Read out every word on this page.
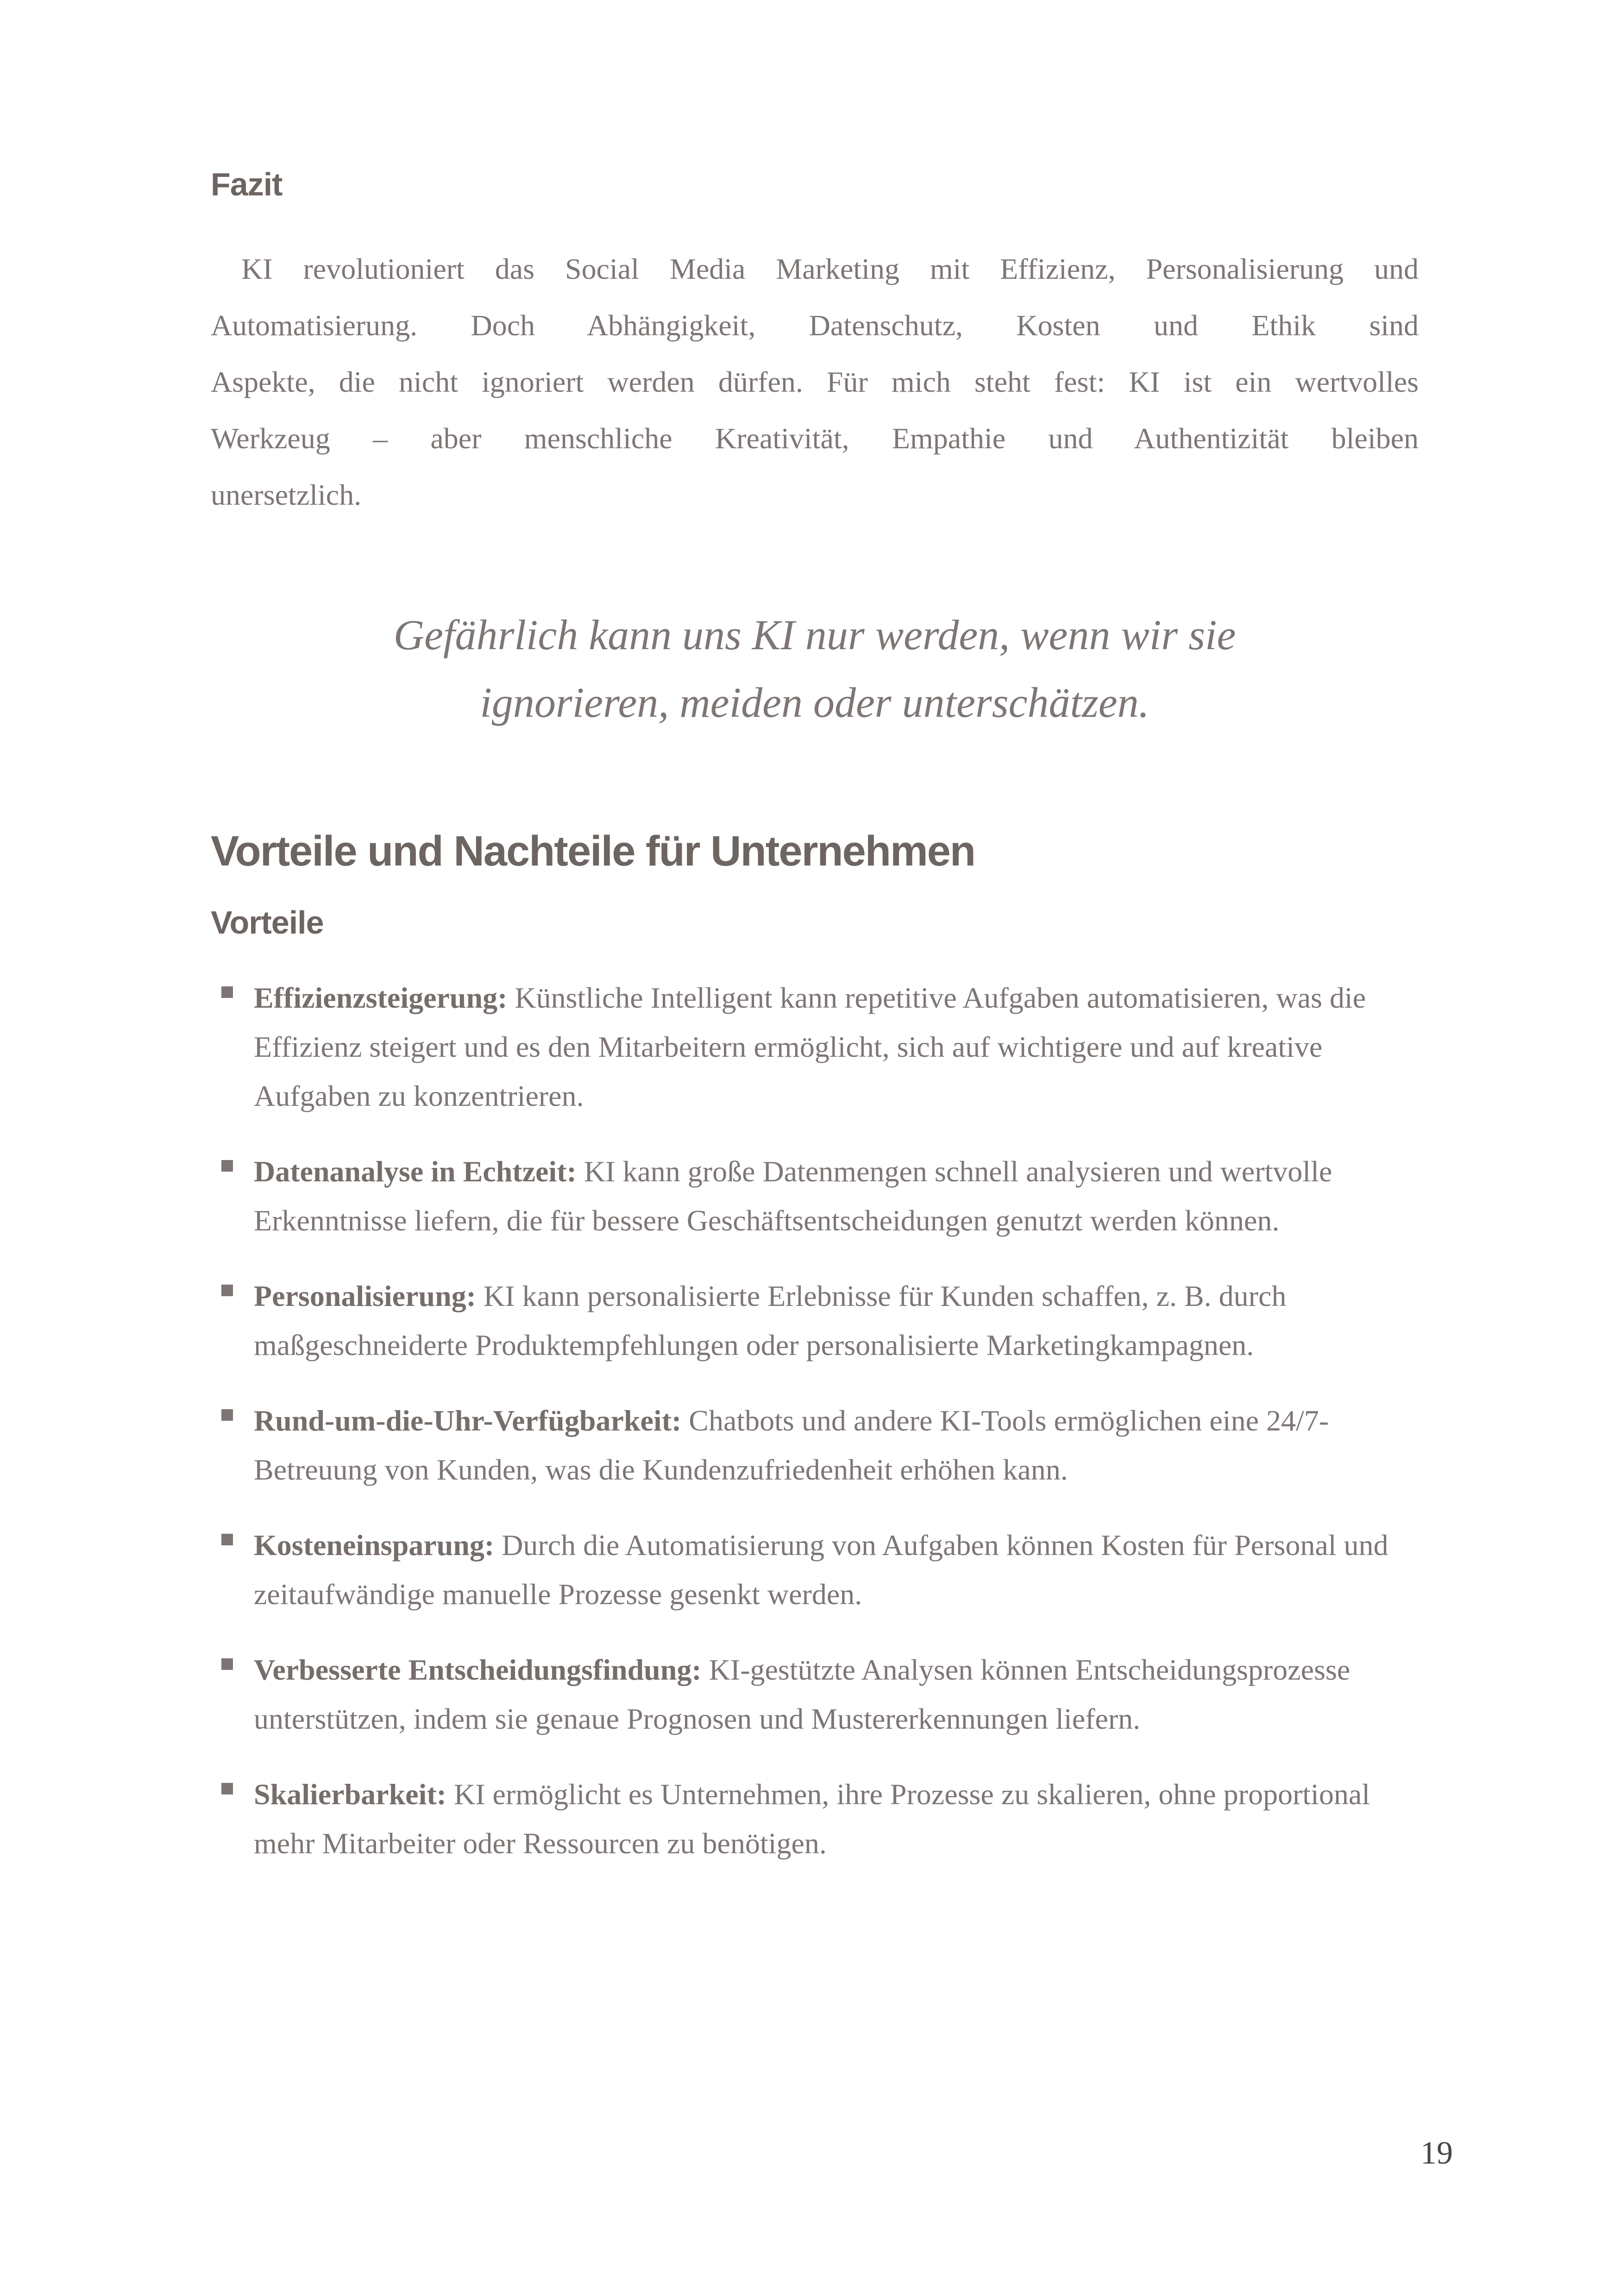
Fazit
KI revolutioniert das Social Media Marketing mit Effizienz, Personalisierung und
Automatisierung. Doch Abhängigkeit, Datenschutz, Kosten und Ethik sind
Aspekte, die nicht ignoriert werden dürfen. Für mich steht fest: KI ist ein wertvolles
Werkzeug – aber menschliche Kreativität, Empathie und Authentizität bleiben
unersetzlich.
Gefährlich kann uns KI nur werden, wenn wir sie
ignorieren, meiden oder unterschätzen.
Vorteile und Nachteile für Unternehmen
Vorteile
Effizienzsteigerung: Künstliche Intelligent kann repetitive Aufgaben automatisieren, was die Effizienz steigert und es den Mitarbeitern ermöglicht, sich auf wichtigere und auf kreative Aufgaben zu konzentrieren.
Datenanalyse in Echtzeit: KI kann große Datenmengen schnell analysieren und wertvolle Erkenntnisse liefern, die für bessere Geschäftsentscheidungen genutzt werden können.
Personalisierung: KI kann personalisierte Erlebnisse für Kunden schaffen, z. B. durch maßgeschneiderte Produktempfehlungen oder personalisierte Marketingkampagnen.
Rund-um-die-Uhr-Verfügbarkeit: Chatbots und andere KI-Tools ermöglichen eine 24/7-Betreuung von Kunden, was die Kundenzufriedenheit erhöhen kann.
Kosteneinsparung: Durch die Automatisierung von Aufgaben können Kosten für Personal und zeitaufwändige manuelle Prozesse gesenkt werden.
Verbesserte Entscheidungsfindung: KI-gestützte Analysen können Entscheidungsprozesse unterstützen, indem sie genaue Prognosen und Mustererkennungen liefern.
Skalierbarkeit: KI ermöglicht es Unternehmen, ihre Prozesse zu skalieren, ohne proportional mehr Mitarbeiter oder Ressourcen zu benötigen.
19
